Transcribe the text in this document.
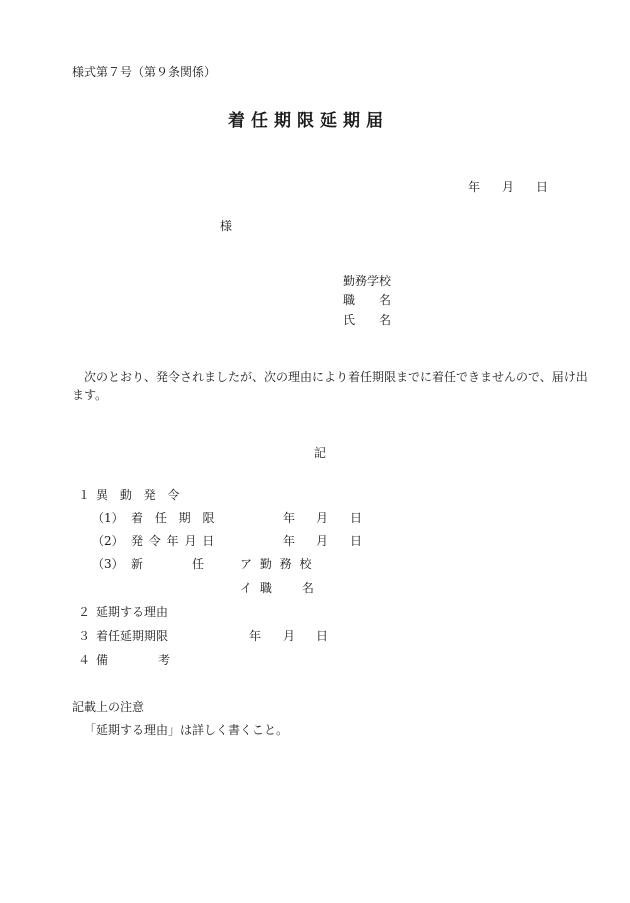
様式第７号（第９条関係）
着任期限延期届
年 月 日
様
勤務学校
職　　名
氏　　名
次のとおり、発令されましたが、次の理由により着任期限までに着任できませんので、届け出
ます。
記
１ 異 動 発 令
（1） 着 任 期 限	年 月 日
（2） 発 令 年 月 日	年 月 日
（3） 新	任	ア 勤 務 校
イ 職　　名
２ 延期する理由
３ 着任延期期限	年 月 日
４ 備	考
記載上の注意
「延期する理由」は詳しく書くこと。
